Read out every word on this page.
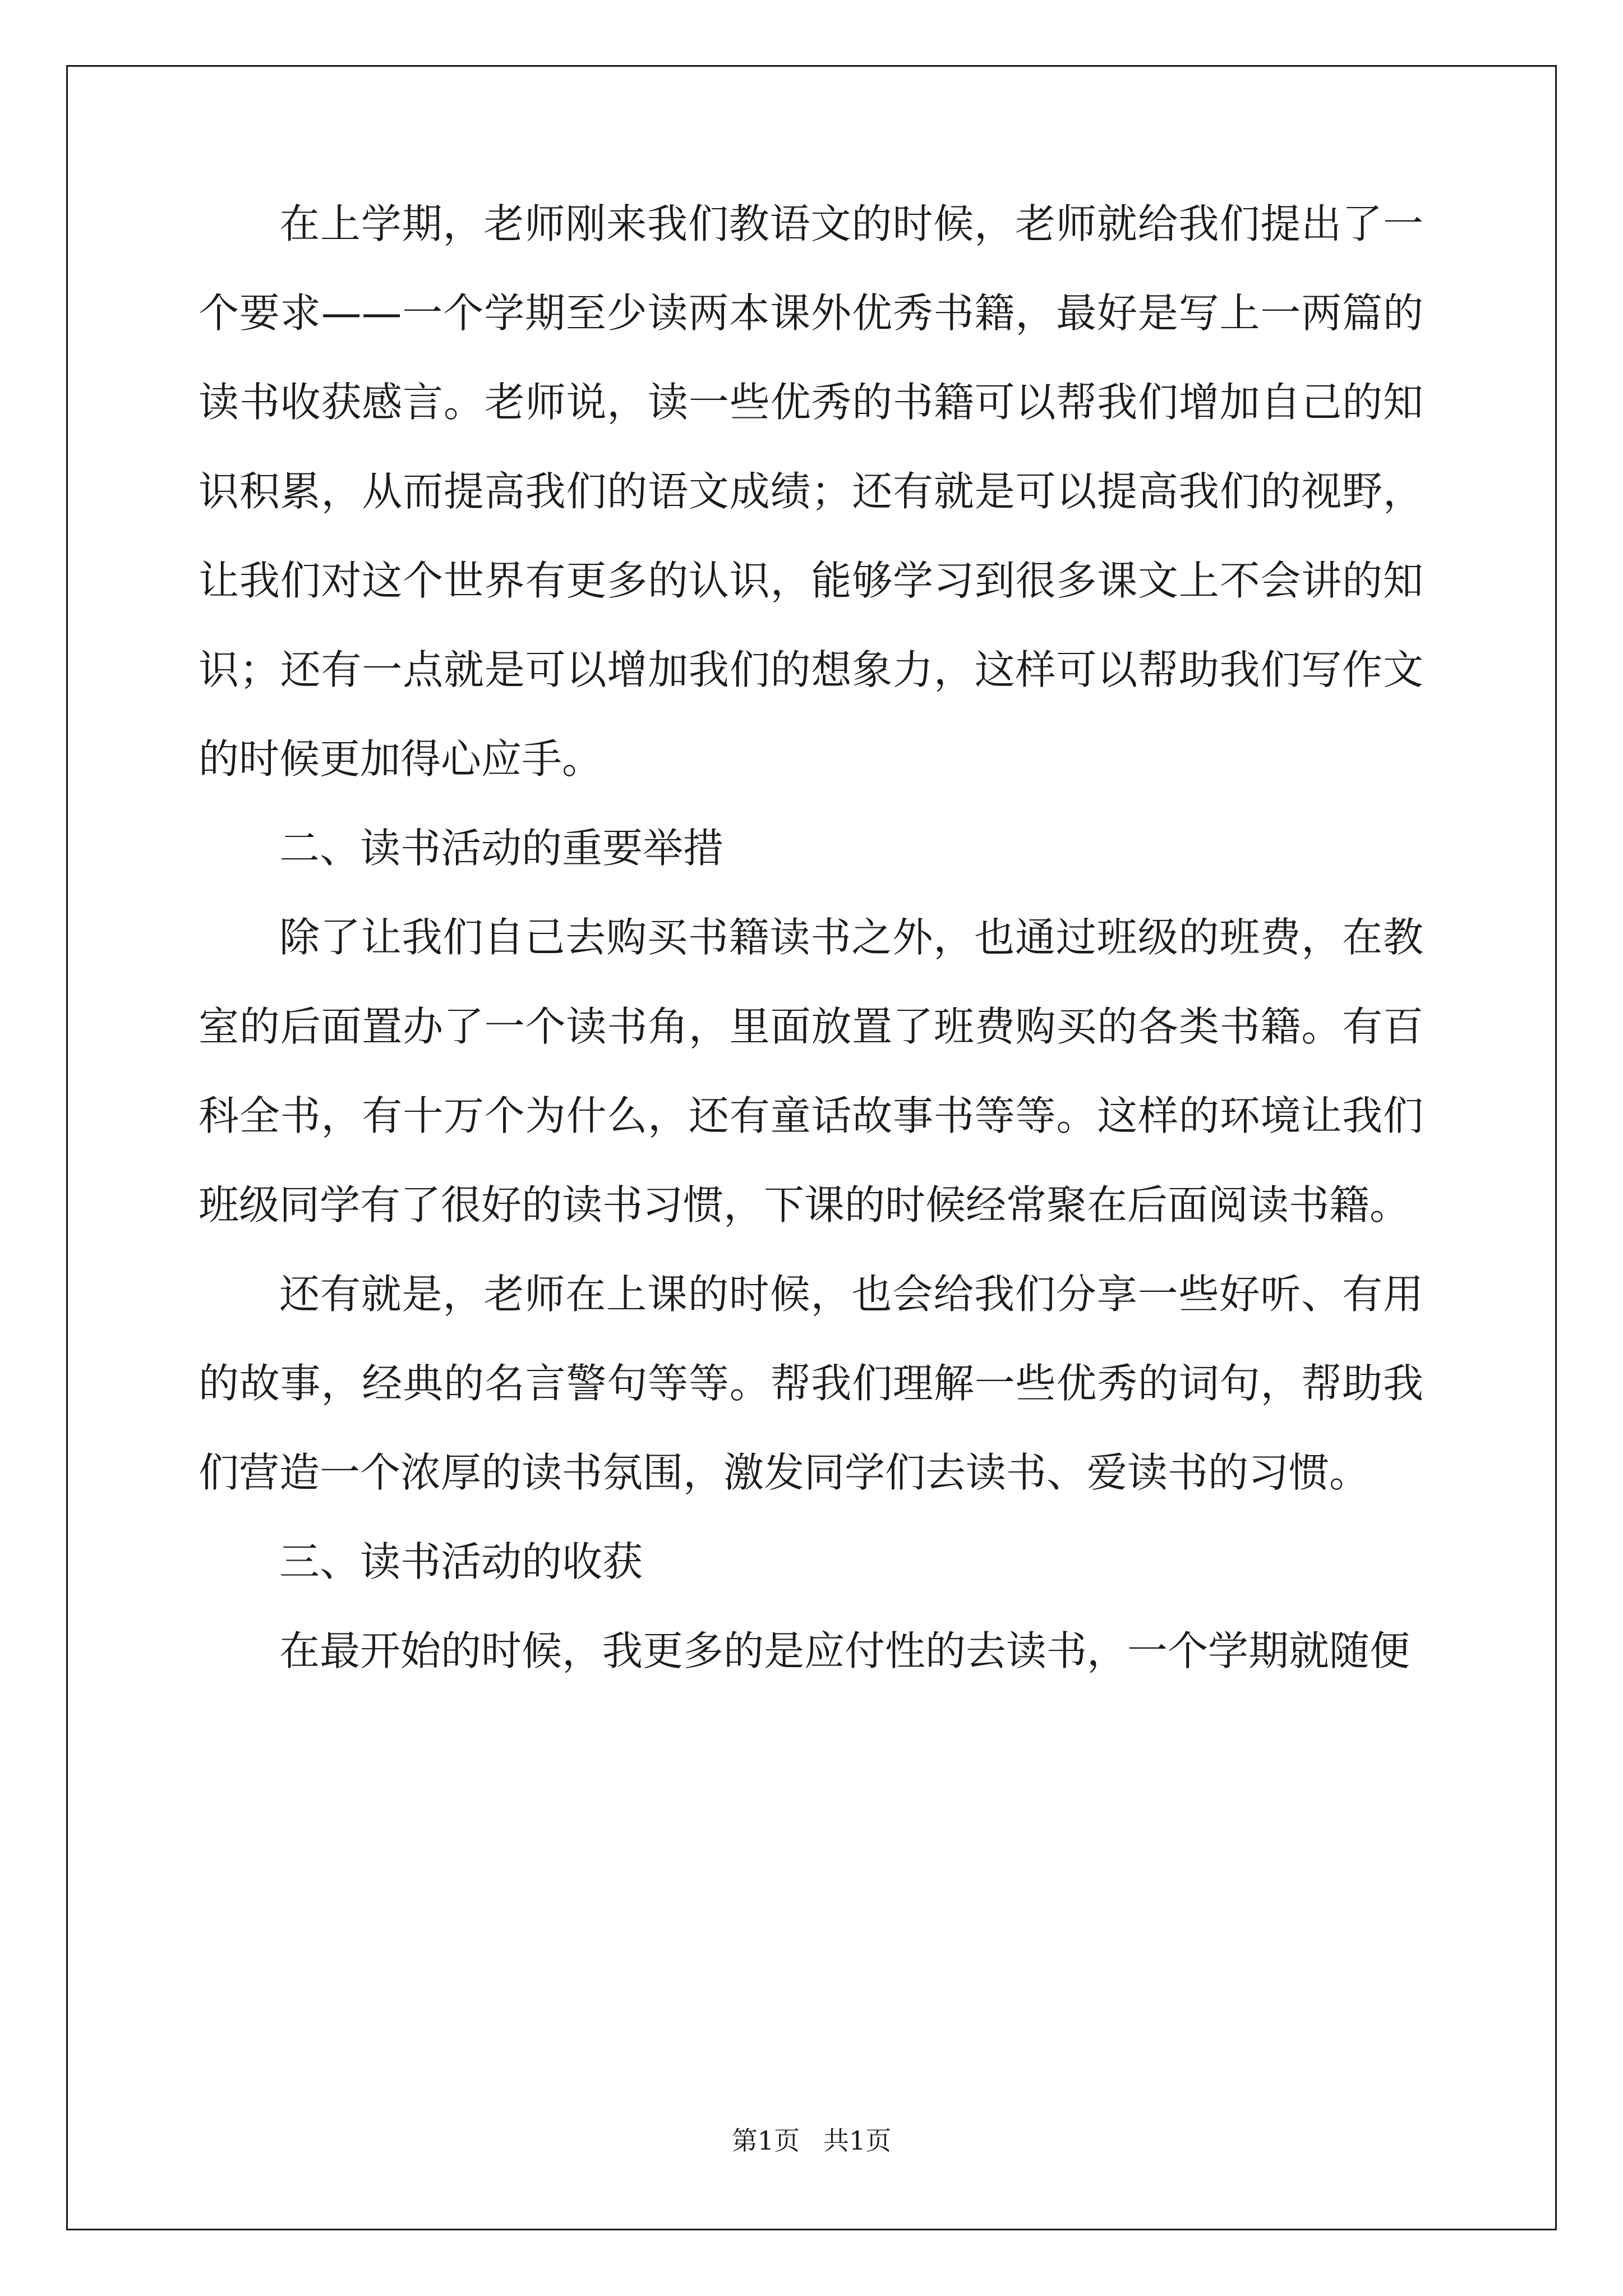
在上学期，老师刚来我们教语文的时候，老师就给我们提出了一个要求——一个学期至少读两本课外优秀书籍，最好是写上一两篇的读书收获感言。老师说，读一些优秀的书籍可以帮我们增加自己的知识积累，从而提高我们的语文成绩；还有就是可以提高我们的视野，让我们对这个世界有更多的认识，能够学习到很多课文上不会讲的知识；还有一点就是可以增加我们的想象力，这样可以帮助我们写作文的时候更加得心应手。

二、读书活动的重要举措

除了让我们自己去购买书籍读书之外，也通过班级的班费，在教室的后面置办了一个读书角，里面放置了班费购买的各类书籍。有百科全书，有十万个为什么，还有童话故事书等等。这样的环境让我们班级同学有了很好的读书习惯，下课的时候经常聚在后面阅读书籍。

还有就是，老师在上课的时候，也会给我们分享一些好听、有用的故事，经典的名言警句等等。帮我们理解一些优秀的词句，帮助我们营造一个浓厚的读书氛围，激发同学们去读书、爱读书的习惯。

三、读书活动的收获

在最开始的时候，我更多的是应付性的去读书，一个学期就随便

第1页 共1页
